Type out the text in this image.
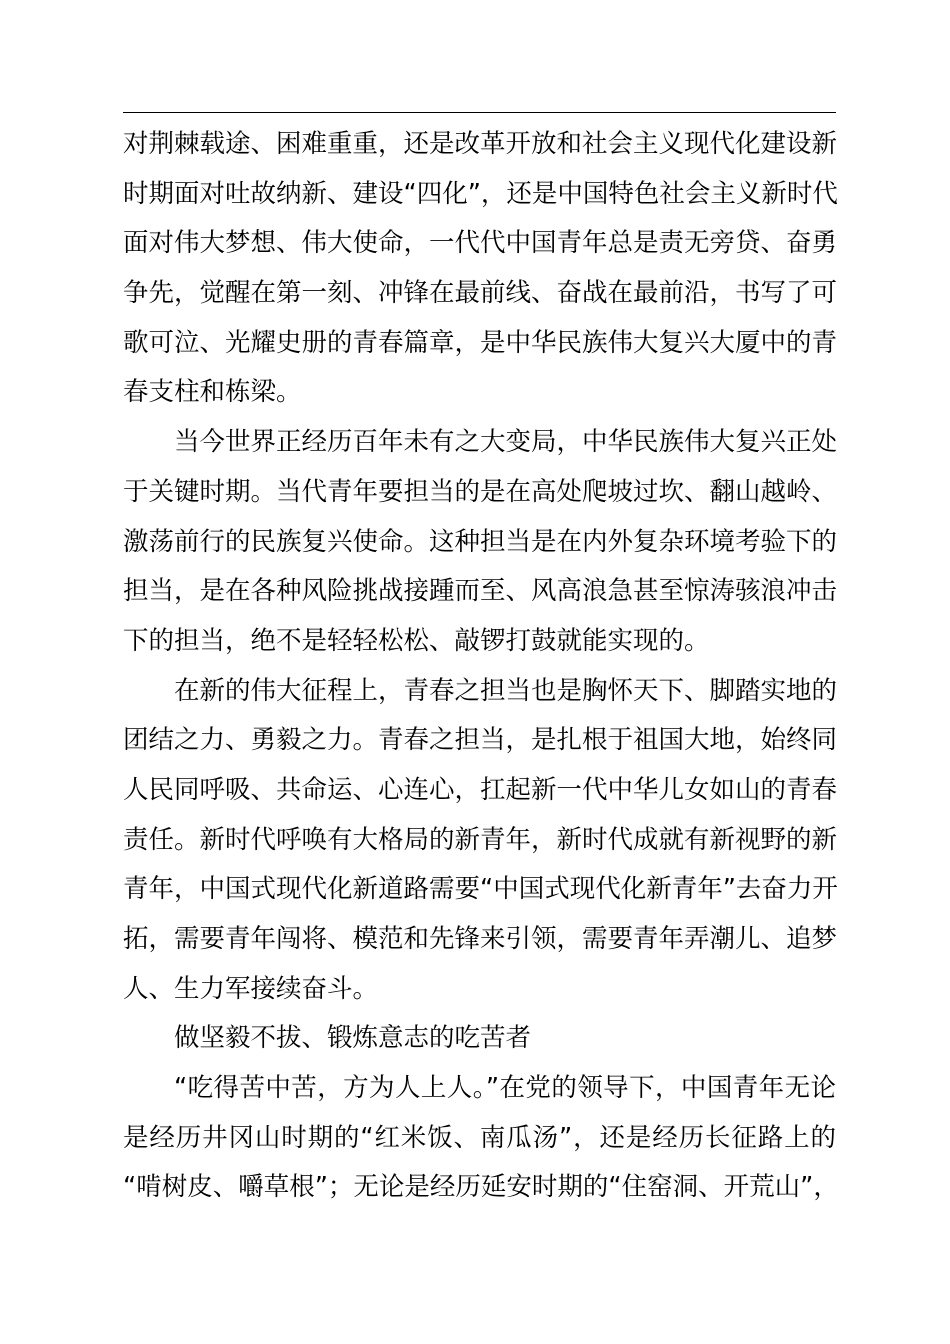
对荆棘载途、困难重重，还是改革开放和社会主义现代化建设新
时期面对吐故纳新、建设“四化”，还是中国特色社会主义新时代
面对伟大梦想、伟大使命，一代代中国青年总是责无旁贷、奋勇
争先，觉醒在第一刻、冲锋在最前线、奋战在最前沿，书写了可
歌可泣、光耀史册的青春篇章，是中华民族伟大复兴大厦中的青
春支柱和栋梁。
当今世界正经历百年未有之大变局，中华民族伟大复兴正处
于关键时期。当代青年要担当的是在高处爬坡过坎、翻山越岭、
激荡前行的民族复兴使命。这种担当是在内外复杂环境考验下的
担当，是在各种风险挑战接踵而至、风高浪急甚至惊涛骇浪冲击
下的担当，绝不是轻轻松松、敲锣打鼓就能实现的。
在新的伟大征程上，青春之担当也是胸怀天下、脚踏实地的
团结之力、勇毅之力。青春之担当，是扎根于祖国大地，始终同
人民同呼吸、共命运、心连心，扛起新一代中华儿女如山的青春
责任。新时代呼唤有大格局的新青年，新时代成就有新视野的新
青年，中国式现代化新道路需要“中国式现代化新青年”去奋力开
拓，需要青年闯将、模范和先锋来引领，需要青年弄潮儿、追梦
人、生力军接续奋斗。
做坚毅不拔、锻炼意志的吃苦者
“吃得苦中苦，方为人上人。”在党的领导下，中国青年无论
是经历井冈山时期的“红米饭、南瓜汤”，还是经历长征路上的
“啃树皮、嚼草根”；无论是经历延安时期的“住窑洞、开荒山”，
